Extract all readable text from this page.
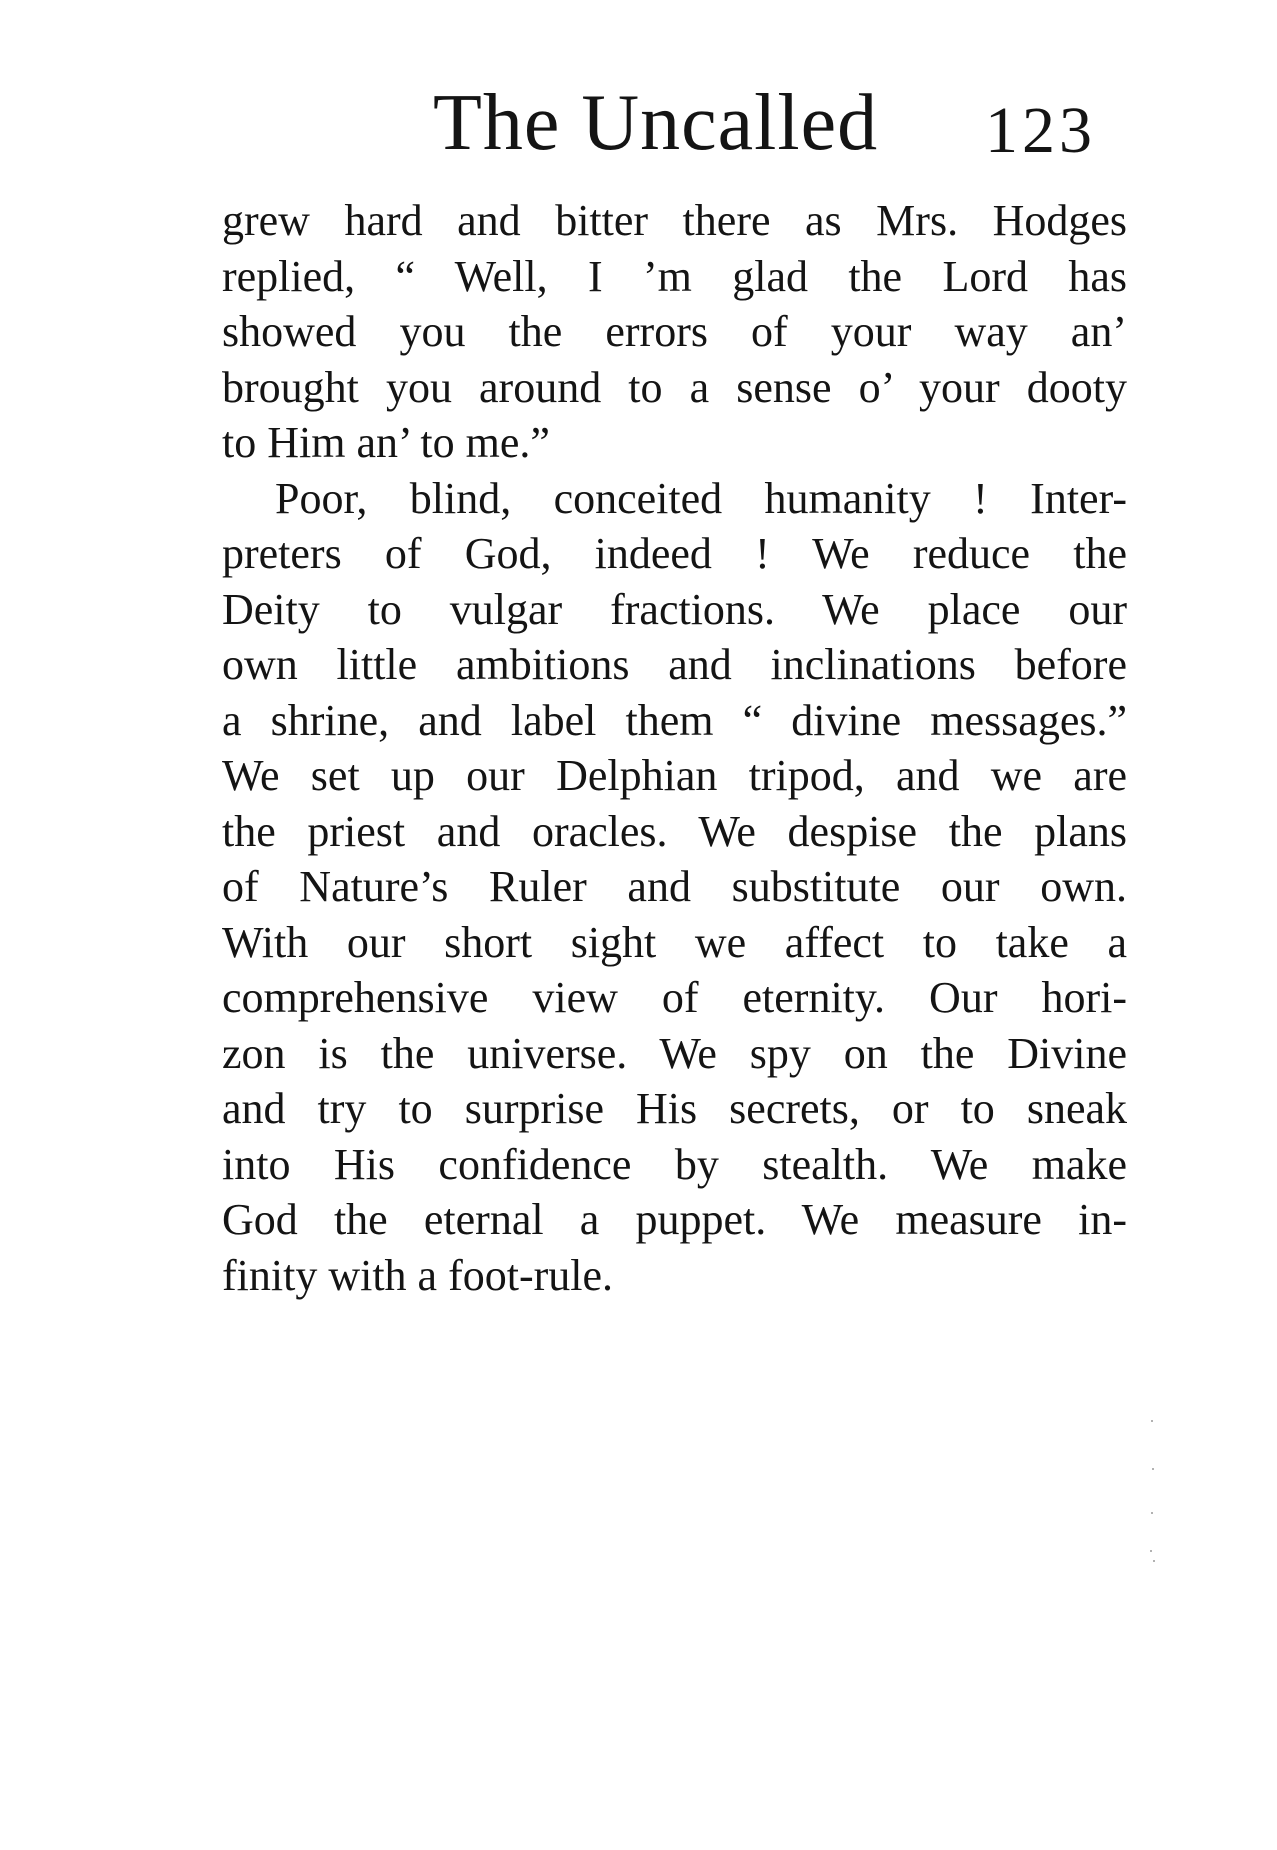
The Uncalled 123
grew hard and bitter there as Mrs. Hodges
replied, “ Well, I ’m glad the Lord has
showed you the errors of your way an’
brought you around to a sense o’ your dooty
to Him an’ to me.”
Poor, blind, conceited humanity ! Inter-
preters of God, indeed ! We reduce the
Deity to vulgar fractions. We place our
own little ambitions and inclinations before
a shrine, and label them “ divine messages.”
We set up our Delphian tripod, and we are
the priest and oracles. We despise the plans
of Nature’s Ruler and substitute our own.
With our short sight we affect to take a
comprehensive view of eternity. Our hori-
zon is the universe. We spy on the Divine
and try to surprise His secrets, or to sneak
into His confidence by stealth. We make
God the eternal a puppet. We measure in-
finity with a foot-rule.
